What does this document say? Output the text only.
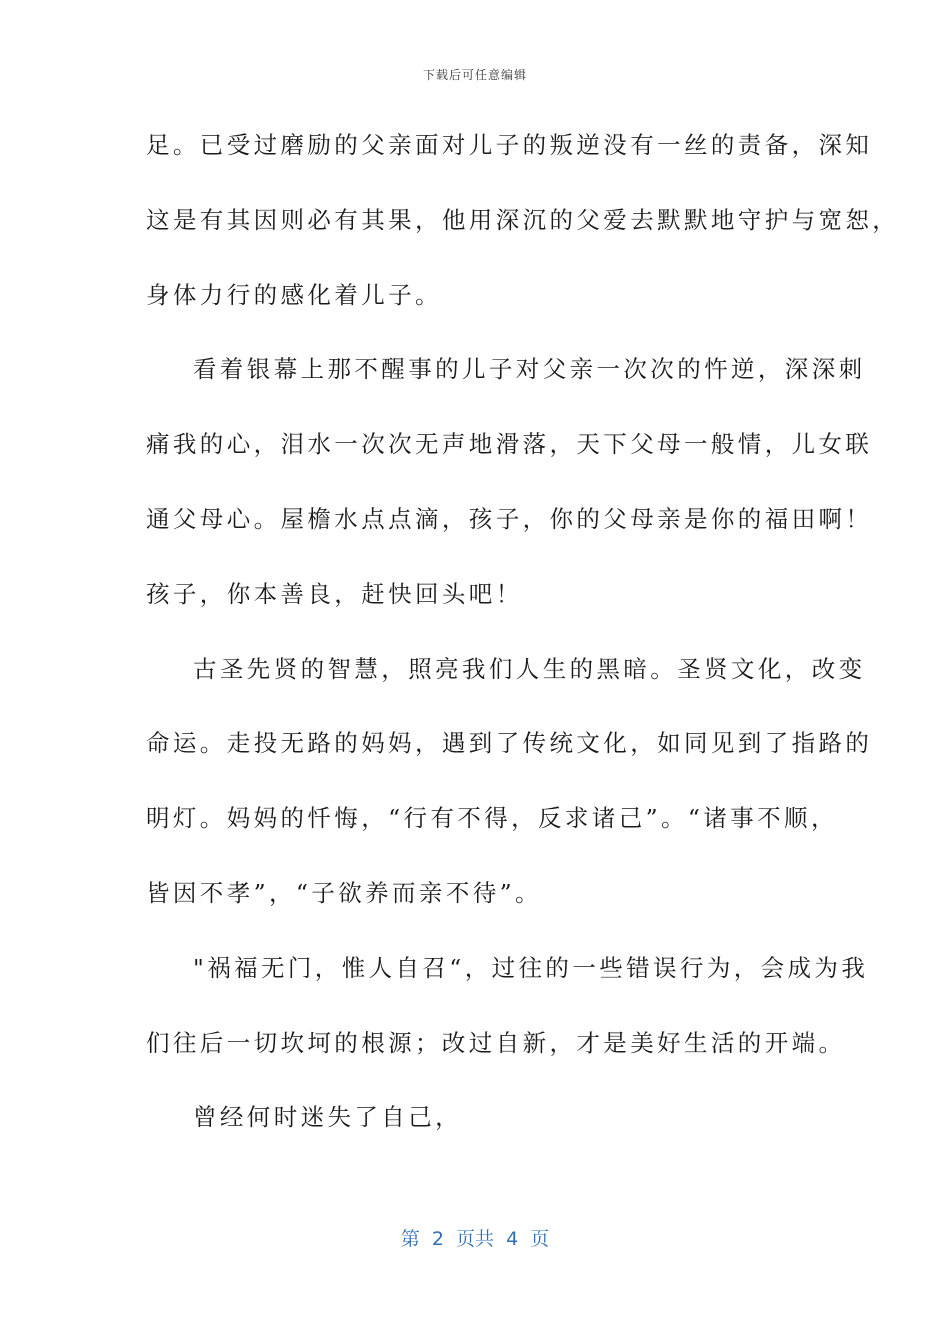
下载后可任意编辑
足。已受过磨励的父亲面对儿子的叛逆没有一丝的责备，深知
这是有其因则必有其果，他用深沉的父爱去默默地守护与宽恕，
身体力行的感化着儿子。
看着银幕上那不醒事的儿子对父亲一次次的忤逆，深深刺
痛我的心，泪水一次次无声地滑落，天下父母一般情，儿女联
通父母心。屋檐水点点滴，孩子，你的父母亲是你的福田啊！
孩子，你本善良，赶快回头吧！
古圣先贤的智慧，照亮我们人生的黑暗。圣贤文化，改变
命运。走投无路的妈妈，遇到了传统文化，如同见到了指路的
明灯。妈妈的忏悔，“行有不得，反求诸己”。“诸事不顺，
皆因不孝”，“子欲养而亲不待”。
"祸福无门，惟人自召“，过往的一些错误行为，会成为我
们往后一切坎坷的根源；改过自新，才是美好生活的开端。
曾经何时迷失了自己，
第  2  页共  4  页
